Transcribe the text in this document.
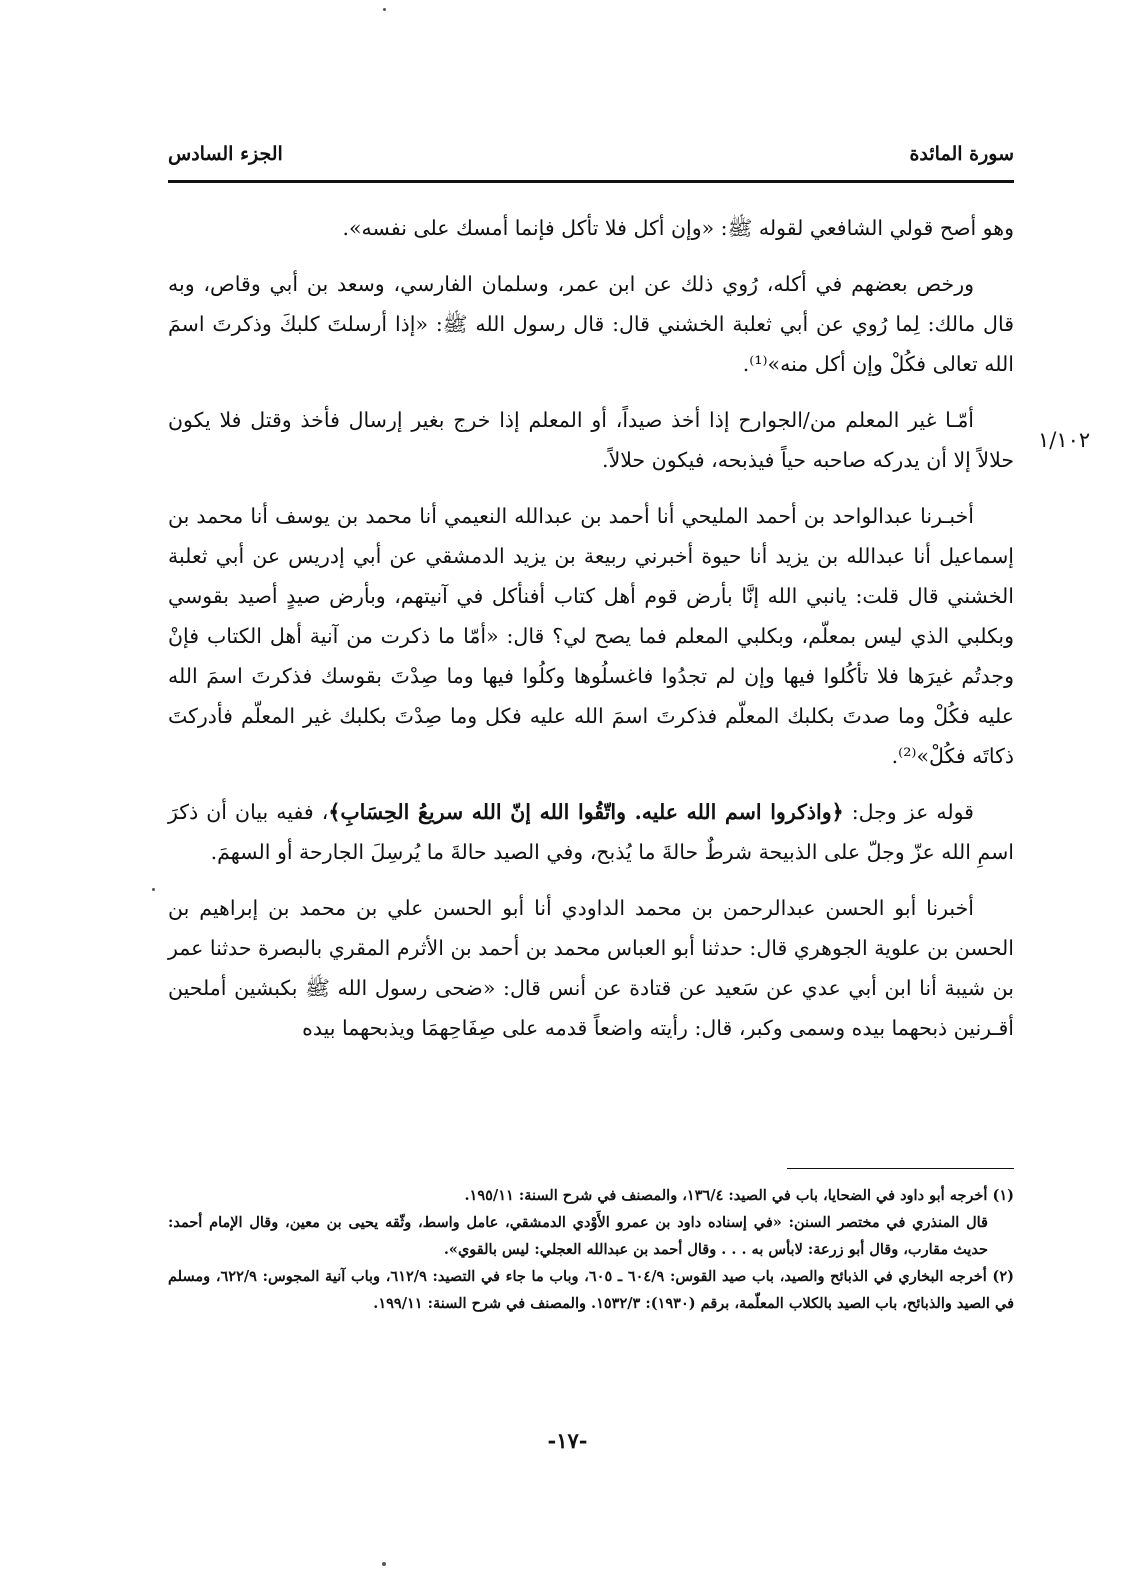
سورة المائدة
الجزء السادس
١/١٠٢

وهو أصح قولي الشافعي لقوله ﷺ: «وإن أكل فلا تأكل فإنما أمسك على نفسه».

ورخص بعضهم في أكله، رُوي ذلك عن ابن عمر، وسلمان الفارسي، وسعد بن أبي وقاص، وبه قال مالك: لِما رُوي عن أبي ثعلبة الخشني قال: قال رسول الله ﷺ: «إذا أرسلتَ كلبكَ وذكرتَ اسمَ الله تعالى فكُلْ وإن أكل منه»⁽¹⁾.

أمّـا غير المعلم من/الجوارح إذا أخذ صيداً، أو المعلم إذا خرج بغير إرسال فأخذ وقتل فلا يكون حلالاً إلا أن يدركه صاحبه حياً فيذبحه، فيكون حلالاً.

أخبـرنا عبدالواحد بن أحمد المليحي أنا أحمد بن عبدالله النعيمي أنا محمد بن يوسف أنا محمد بن إسماعيل أنا عبدالله بن يزيد أنا حيوة أخبرني ربيعة بن يزيد الدمشقي عن أبي إدريس عن أبي ثعلبة الخشني قال قلت: يانبي الله إنَّا بأرض قوم أهل كتاب أفنأكل في آنيتهم، وبأرض صيدٍ أصيد بقوسي وبكلبي الذي ليس بمعلّم، وبكلبي المعلم فما يصح لي؟ قال: «أمّا ما ذكرت من آنية أهل الكتاب فإنْ وجدتُم غيرَها فلا تأكُلوا فيها وإن لم تجدُوا فاغسلُوها وكلُوا فيها وما صِدْتَ بقوسك فذكرتَ اسمَ الله عليه فكُلْ وما صدتَ بكلبك المعلّم فذكرتَ اسمَ الله عليه فكل وما صِدْتَ بكلبك غير المعلّم فأدركتَ ذكاتَه فكُلْ»⁽²⁾.

قوله عز وجل: ﴿واذكروا اسم الله عليه. واتّقُوا الله إنّ الله سريعُ الحِسَابِ﴾، ففيه بيان أن ذكرَ اسمِ الله عزّ وجلّ على الذبيحة شرطٌ حالةَ ما يُذبح، وفي الصيد حالةَ ما يُرسِلَ الجارحة أو السهمَ.

أخبرنا أبو الحسن عبدالرحمن بن محمد الداودي أنا أبو الحسن علي بن محمد بن إبراهيم بن الحسن بن علوية الجوهري قال: حدثنا أبو العباس محمد بن أحمد بن الأثرم المقري بالبصرة حدثنا عمر بن شيبة أنا ابن أبي عدي عن سَعيد عن قتادة عن أنس قال: «ضحى رسول الله ﷺ بكبشين أملحين أقـرنين ذبحهما بيده وسمى وكبر، قال: رأيته واضعاً قدمه على صِفَاحِهمَا ويذبحهما بيده

(١) أخرجه أبو داود في الضحايا، باب في الصيد: ١٣٦/٤، والمصنف في شرح السنة: ١٩٥/١١.

قال المنذري في مختصر السنن: «في إسناده داود بن عمرو الأَوْدي الدمشقي، عامل واسط، وثّقه يحيى بن معين، وقال الإمام أحمد: حديث مقارب، وقال أبو زرعة: لابأس به . . . وقال أحمد بن عبدالله العجلي: ليس بالقوي».

(٢) أخرجه البخاري في الذبائح والصيد، باب صيد القوس: ٦٠٤/٩ ـ ٦٠٥، وباب ما جاء في التصيد: ٦١٢/٩، وباب آنية المجوس: ٦٢٢/٩، ومسلم في الصيد والذبائح، باب الصيد بالكلاب المعلّمة، برقم (١٩٣٠): ١٥٣٢/٣. والمصنف في شرح السنة: ١٩٩/١١.

-١٧-
